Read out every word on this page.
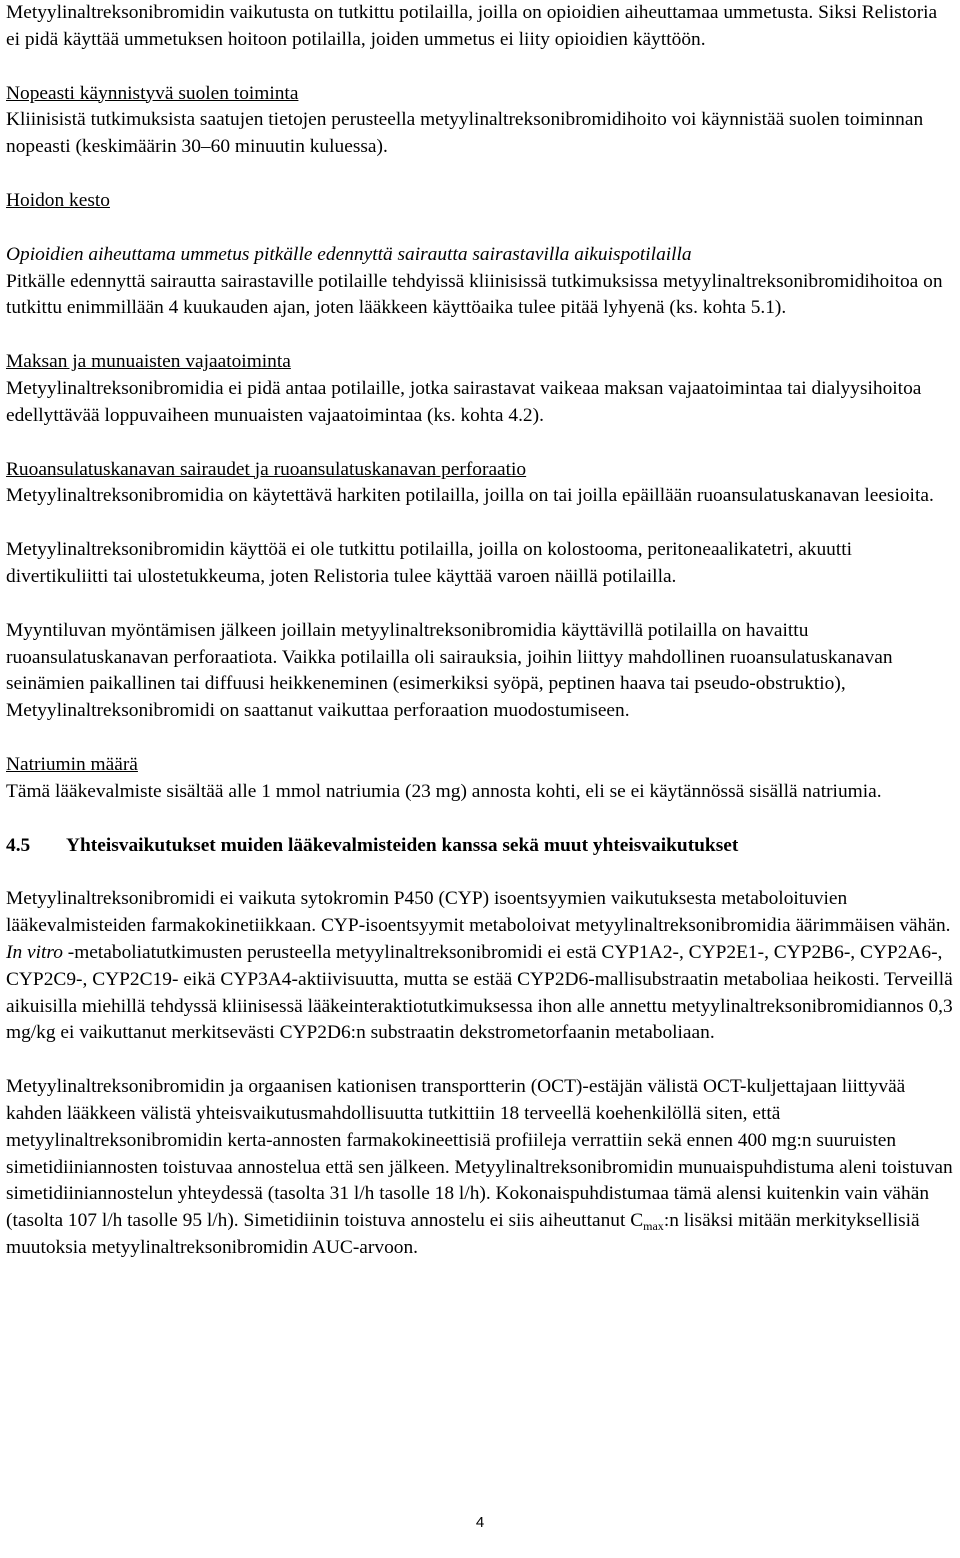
Metyylinaltreksonibromidin vaikutusta on tutkittu potilailla, joilla on opioidien aiheuttamaa ummetusta. Siksi Relistoria ei pidä käyttää ummetuksen hoitoon potilailla, joiden ummetus ei liity opioidien käyttöön.

Nopeasti käynnistyvä suolen toiminta
Kliinisistä tutkimuksista saatujen tietojen perusteella metyylinaltreksonibromidihoito voi käynnistää suolen toiminnan nopeasti (keskimäärin 30–60 minuutin kuluessa).

Hoidon kesto

Opioidien aiheuttama ummetus pitkälle edennyttä sairautta sairastavilla aikuispotilailla
Pitkälle edennyttä sairautta sairastaville potilaille tehdyissä kliinisissä tutkimuksissa metyylinaltreksonibromidihoitoa on tutkittu enimmillään 4 kuukauden ajan, joten lääkkeen käyttöaika tulee pitää lyhyenä (ks. kohta 5.1).

Maksan ja munuaisten vajaatoiminta
Metyylinaltreksonibromidia ei pidä antaa potilaille, jotka sairastavat vaikeaa maksan vajaatoimintaa tai dialyysihoitoa edellyttävää loppuvaiheen munuaisten vajaatoimintaa (ks. kohta 4.2).

Ruoansulatuskanavan sairaudet ja ruoansulatuskanavan perforaatio
Metyylinaltreksonibromidia on käytettävä harkiten potilailla, joilla on tai joilla epäillään ruoansulatuskanavan leesioita.

Metyylinaltreksonibromidin käyttöä ei ole tutkittu potilailla, joilla on kolostooma, peritoneaalikatetri, akuutti divertikuliitti tai ulostetukkeuma, joten Relistoria tulee käyttää varoen näillä potilailla.

Myyntiluvan myöntämisen jälkeen joillain metyylinaltreksonibromidia käyttävillä potilailla on havaittu ruoansulatuskanavan perforaatiota. Vaikka potilailla oli sairauksia, joihin liittyy mahdollinen ruoansulatuskanavan seinämien paikallinen tai diffuusi heikkeneminen (esimerkiksi syöpä, peptinen haava tai pseudo-obstruktio), Metyylinaltreksonibromidi on saattanut vaikuttaa perforaation muodostumiseen.

Natriumin määrä
Tämä lääkevalmiste sisältää alle 1 mmol natriumia (23 mg) annosta kohti, eli se ei käytännössä sisällä natriumia.

4.5 Yhteisvaikutukset muiden lääkevalmisteiden kanssa sekä muut yhteisvaikutukset

Metyylinaltreksonibromidi ei vaikuta sytokromin P450 (CYP) isoentsyymien vaikutuksesta metaboloituvien lääkevalmisteiden farmakokinetiikkaan. CYP-isoentsyymit metaboloivat metyylinaltreksonibromidia äärimmäisen vähän. In vitro -metaboliatutkimusten perusteella metyylinaltreksonibromidi ei estä CYP1A2-, CYP2E1-, CYP2B6-, CYP2A6-, CYP2C9-, CYP2C19- eikä CYP3A4-aktiivisuutta, mutta se estää CYP2D6-mallisubstraatin metaboliaa heikosti. Terveillä aikuisilla miehillä tehdyssä kliinisessä lääkeinteraktiotutkimuksessa ihon alle annettu metyylinaltreksonibromidiannos 0,3 mg/kg ei vaikuttanut merkitsevästi CYP2D6:n substraatin dekstrometorfaanin metaboliaan.

Metyylinaltreksonibromidin ja orgaanisen kationisen transportterin (OCT)-estäjän välistä OCT-kuljettajaan liittyvää kahden lääkkeen välistä yhteisvaikutusmahdollisuutta tutkittiin 18 terveellä koehenkilöllä siten, että metyylinaltreksonibromidin kerta-annosten farmakokineettisiä profiileja verrattiin sekä ennen 400 mg:n suuruisten simetidiiniannosten toistuvaa annostelua että sen jälkeen. Metyylinaltreksonibromidin munuaispuhdistuma aleni toistuvan simetidiiniannostelun yhteydessä (tasolta 31 l/h tasolle 18 l/h). Kokonaispuhdistumaa tämä alensi kuitenkin vain vähän (tasolta 107 l/h tasolle 95 l/h). Simetidiinin toistuva annostelu ei siis aiheuttanut $C_{max}:n$ lisäksi mitään merkityksellisiä muutoksia metyylinaltreksonibromidin AUC-arvoon.

4
